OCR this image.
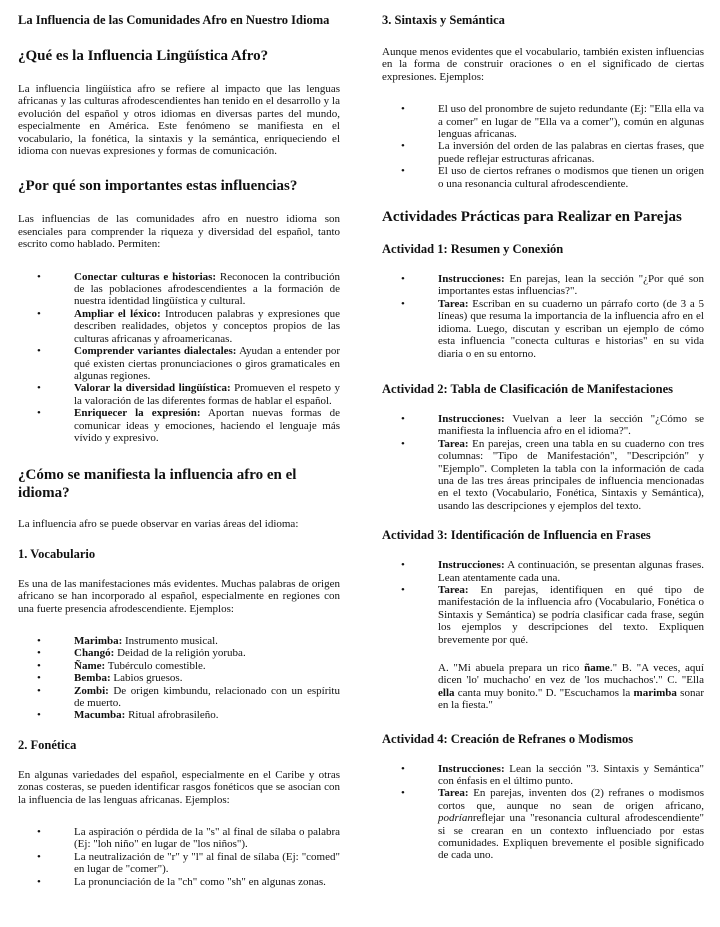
La Influencia de las Comunidades Afro en Nuestro Idioma

¿Qué es la Influencia Lingüística Afro?

La influencia lingüística afro se refiere al impacto que las lenguas africanas y las culturas afrodescendientes han tenido en el desarrollo y la evolución del español y otros idiomas en diversas partes del mundo, especialmente en América. Este fenómeno se manifiesta en el vocabulario, la fonética, la sintaxis y la semántica, enriqueciendo el idioma con nuevas expresiones y formas de comunicación.

¿Por qué son importantes estas influencias?

Las influencias de las comunidades afro en nuestro idioma son esenciales para comprender la riqueza y diversidad del español, tanto escrito como hablado. Permiten:

•	Conectar culturas e historias: Reconocen la contribución de las poblaciones afrodescendientes a la formación de nuestra identidad lingüística y cultural.
•	Ampliar el léxico: Introducen palabras y expresiones que describen realidades, objetos y conceptos propios de las culturas africanas y afroamericanas.
•	Comprender variantes dialectales: Ayudan a entender por qué existen ciertas pronunciaciones o giros gramaticales en algunas regiones.
•	Valorar la diversidad lingüística: Promueven el respeto y la valoración de las diferentes formas de hablar el español.
•	Enriquecer la expresión: Aportan nuevas formas de comunicar ideas y emociones, haciendo el lenguaje más vívido y expresivo.

¿Cómo se manifiesta la influencia afro en el idioma?

La influencia afro se puede observar en varias áreas del idioma:

1. Vocabulario

Es una de las manifestaciones más evidentes. Muchas palabras de origen africano se han incorporado al español, especialmente en regiones con una fuerte presencia afrodescendiente. Ejemplos:

•	Marimba: Instrumento musical.
•	Changó: Deidad de la religión yoruba.
•	Ñame: Tubérculo comestible.
•	Bemba: Labios gruesos.
•	Zombi: De origen kimbundu, relacionado con un espíritu de muerto.
•	Macumba: Ritual afrobrasileño.

2. Fonética

En algunas variedades del español, especialmente en el Caribe y otras zonas costeras, se pueden identificar rasgos fonéticos que se asocian con la influencia de las lenguas africanas. Ejemplos:

•	La aspiración o pérdida de la "s" al final de sílaba o palabra (Ej: "loh niño" en lugar de "los niños").
•	La neutralización de "r" y "l" al final de sílaba (Ej: "comed" en lugar de "comer").
•	La pronunciación de la "ch" como "sh" en algunas zonas.

3. Sintaxis y Semántica

Aunque menos evidentes que el vocabulario, también existen influencias en la forma de construir oraciones o en el significado de ciertas expresiones. Ejemplos:

•	El uso del pronombre de sujeto redundante (Ej: "Ella ella va a comer" en lugar de "Ella va a comer"), común en algunas lenguas africanas.
•	La inversión del orden de las palabras en ciertas frases, que puede reflejar estructuras africanas.
•	El uso de ciertos refranes o modismos que tienen un origen o una resonancia cultural afrodescendiente.

Actividades Prácticas para Realizar en Parejas

Actividad 1: Resumen y Conexión

•	Instrucciones: En parejas, lean la sección "¿Por qué son importantes estas influencias?".
•	Tarea: Escriban en su cuaderno un párrafo corto (de 3 a 5 líneas) que resuma la importancia de la influencia afro en el idioma. Luego, discutan y escriban un ejemplo de cómo esta influencia "conecta culturas e historias" en su vida diaria o en su entorno.

Actividad 2: Tabla de Clasificación de Manifestaciones

•	Instrucciones: Vuelvan a leer la sección "¿Cómo se manifiesta la influencia afro en el idioma?".
•	Tarea: En parejas, creen una tabla en su cuaderno con tres columnas: "Tipo de Manifestación", "Descripción" y "Ejemplo". Completen la tabla con la información de cada una de las tres áreas principales de influencia mencionadas en el texto (Vocabulario, Fonética, Sintaxis y Semántica), usando las descripciones y ejemplos del texto.

Actividad 3: Identificación de Influencia en Frases

•	Instrucciones: A continuación, se presentan algunas frases. Lean atentamente cada una.
•	Tarea: En parejas, identifiquen en qué tipo de manifestación de la influencia afro (Vocabulario, Fonética o Sintaxis y Semántica) se podría clasificar cada frase, según los ejemplos y descripciones del texto. Expliquen brevemente por qué.

A. "Mi abuela prepara un rico ñame." B. "A veces, aquí dicen 'lo' muchacho' en vez de 'los muchachos'." C. "Ella ella canta muy bonito." D. "Escuchamos la marimba sonar en la fiesta."

Actividad 4: Creación de Refranes o Modismos

•	Instrucciones: Lean la sección "3. Sintaxis y Semántica" con énfasis en el último punto.
•	Tarea: En parejas, inventen dos (2) refranes o modismos cortos que, aunque no sean de origen africano, podríanreflejar una "resonancia cultural afrodescendiente" si se crearan en un contexto influenciado por estas comunidades. Expliquen brevemente el posible significado de cada uno.
